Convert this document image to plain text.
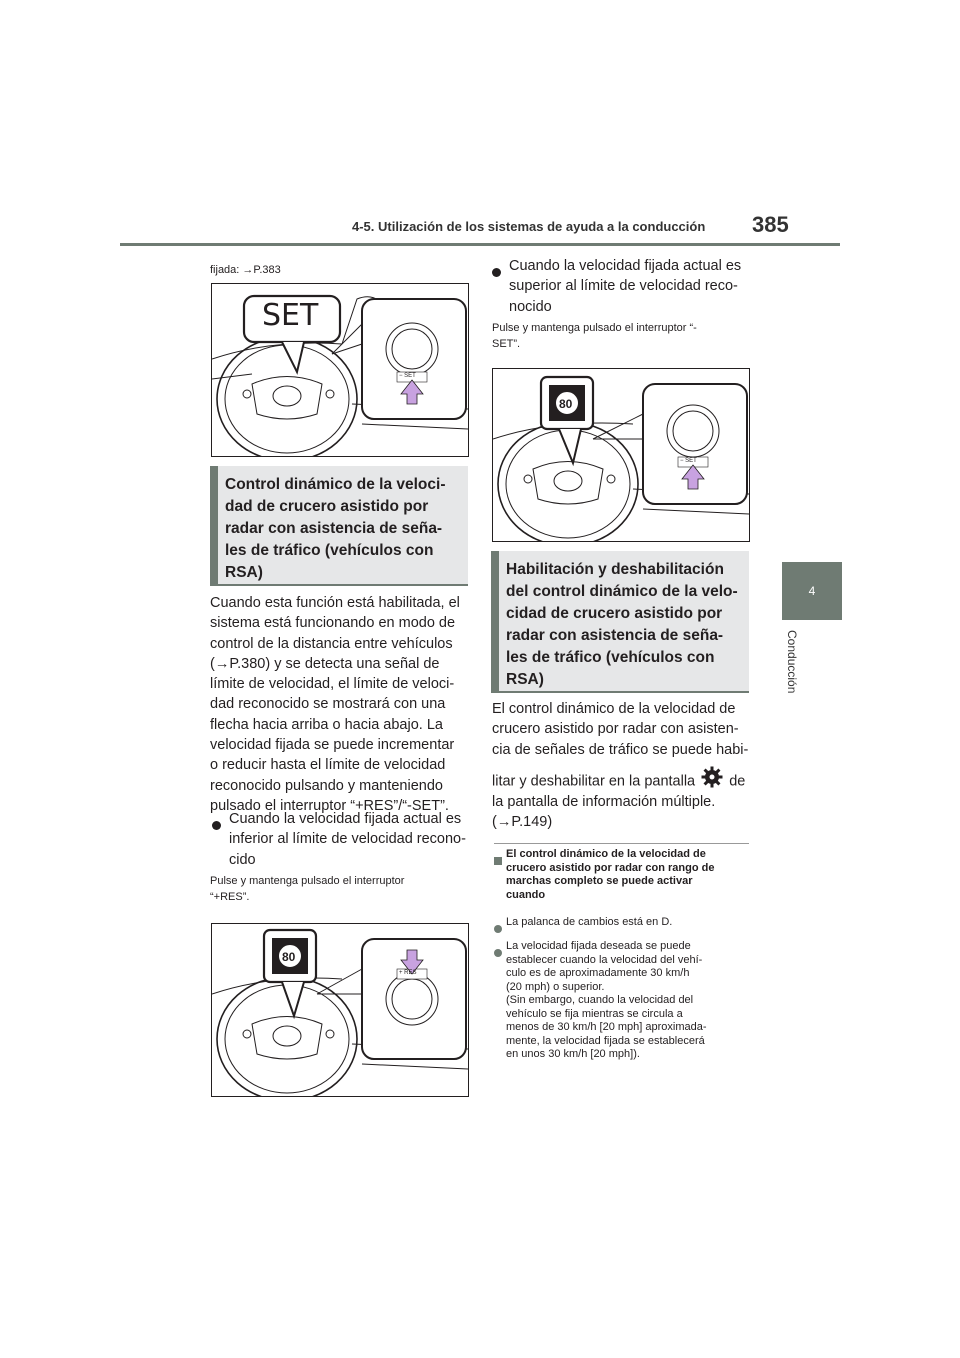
4-5. Utilización de los sistemas de ayuda a la conducción 385
4
Conducción
fijada: →P.383
SET
− SET
Control dinámico de la veloci-
dad de crucero asistido por
radar con asistencia de seña-
les de tráfico (vehículos con
RSA)
Cuando esta función está habilitada, el
sistema está funcionando en modo de
control de la distancia entre vehículos
(→P.380) y se detecta una señal de
límite de velocidad, el límite de veloci-
dad reconocido se mostrará con una
flecha hacia arriba o hacia abajo. La
velocidad fijada se puede incrementar
o reducir hasta el límite de velocidad
reconocido pulsando y manteniendo
pulsado el interruptor “+RES”/“-SET”.
Cuando la velocidad fijada actual es
inferior al límite de velocidad recono-
cido
Pulse y mantenga pulsado el interruptor
“+RES”.
80
+ RES
Cuando la velocidad fijada actual es
superior al límite de velocidad reco-
nocido
Pulse y mantenga pulsado el interruptor “-
SET”.
80
− SET
Habilitación y deshabilitación
del control dinámico de la velo-
cidad de crucero asistido por
radar con asistencia de seña-
les de tráfico (vehículos con
RSA)
El control dinámico de la velocidad de
crucero asistido por radar con asisten-
cia de señales de tráfico se puede habi-
litar y deshabilitar en la pantalla de
la pantalla de información múltiple.
(→P.149)
El control dinámico de la velocidad de
crucero asistido por radar con rango de
marchas completo se puede activar
cuando
La palanca de cambios está en D.
La velocidad fijada deseada se puede
establecer cuando la velocidad del vehí-
culo es de aproximadamente 30 km/h
(20 mph) o superior.
(Sin embargo, cuando la velocidad del
vehículo se fija mientras se circula a
menos de 30 km/h [20 mph] aproximada-
mente, la velocidad fijada se establecerá
en unos 30 km/h [20 mph]).
